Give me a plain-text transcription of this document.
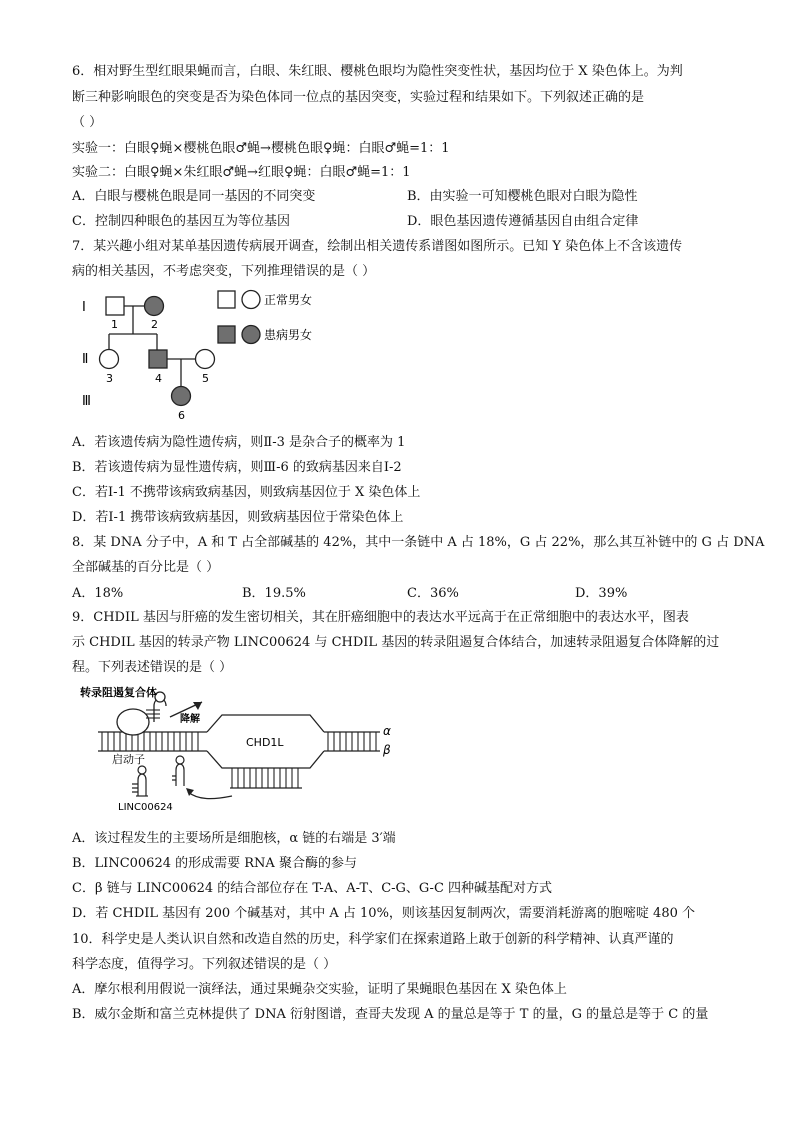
6．相对野生型红眼果蝇而言，白眼、朱红眼、樱桃色眼均为隐性突变性状，基因均位于 X 染色体上。为判
断三种影响眼色的突变是否为染色体同一位点的基因突变，实验过程和结果如下。下列叙述正确的是
（ ）
实验一：白眼♀蝇×樱桃色眼♂蝇→樱桃色眼♀蝇：白眼♂蝇=1：1
实验二：白眼♀蝇×朱红眼♂蝇→红眼♀蝇：白眼♂蝇=1：1
A．白眼与樱桃色眼是同一基因的不同突变	B．由实验一可知樱桃色眼对白眼为隐性
C．控制四种眼色的基因互为等位基因	D．眼色基因遗传遵循基因自由组合定律
7．某兴趣小组对某单基因遗传病展开调查，绘制出相关遗传系谱图如图所示。已知 Y 染色体上不含该遗传
病的相关基因，不考虑突变，下列推理错误的是（ ）
Ⅰ
Ⅱ
Ⅲ
1	2
3	4	5
6
正常男女
患病男女
A．若该遗传病为隐性遗传病，则Ⅱ-3 是杂合子的概率为 1
B．若该遗传病为显性遗传病，则Ⅲ-6 的致病基因来自Ⅰ-2
C．若Ⅰ-1 不携带该病致病基因，则致病基因位于 X 染色体上
D．若Ⅰ-1 携带该病致病基因，则致病基因位于常染色体上
8．某 DNA 分子中，A 和 T 占全部碱基的 42%，其中一条链中 A 占 18%，G 占 22%，那么其互补链中的 G 占 DNA
全部碱基的百分比是（ ）
A．18%	B．19.5%	C．36%	D．39%
9．CHDIL 基因与肝癌的发生密切相关，其在肝癌细胞中的表达水平远高于在正常细胞中的表达水平，图表
示 CHDIL 基因的转录产物 LINC00624 与 CHDIL 基因的转录阻遏复合体结合，加速转录阻遏复合体降解的过
程。下列表述错误的是（ ）
转录阻遏复合体
降解
CHD1L
启动子
α
β
LINC00624
A．该过程发生的主要场所是细胞核，α 链的右端是 3′端
B．LINC00624 的形成需要 RNA 聚合酶的参与
C．β 链与 LINC00624 的结合部位存在 T-A、A-T、C-G、G-C 四种碱基配对方式
D．若 CHDIL 基因有 200 个碱基对，其中 A 占 10%，则该基因复制两次，需要消耗游离的胞嘧啶 480 个
10．科学史是人类认识自然和改造自然的历史，科学家们在探索道路上敢于创新的科学精神、认真严谨的
科学态度，值得学习。下列叙述错误的是（ ）
A．摩尔根利用假说一演绎法，通过果蝇杂交实验，证明了果蝇眼色基因在 X 染色体上
B．威尔金斯和富兰克林提供了 DNA 衍射图谱，查哥夫发现 A 的量总是等于 T 的量，G 的量总是等于 C 的量
